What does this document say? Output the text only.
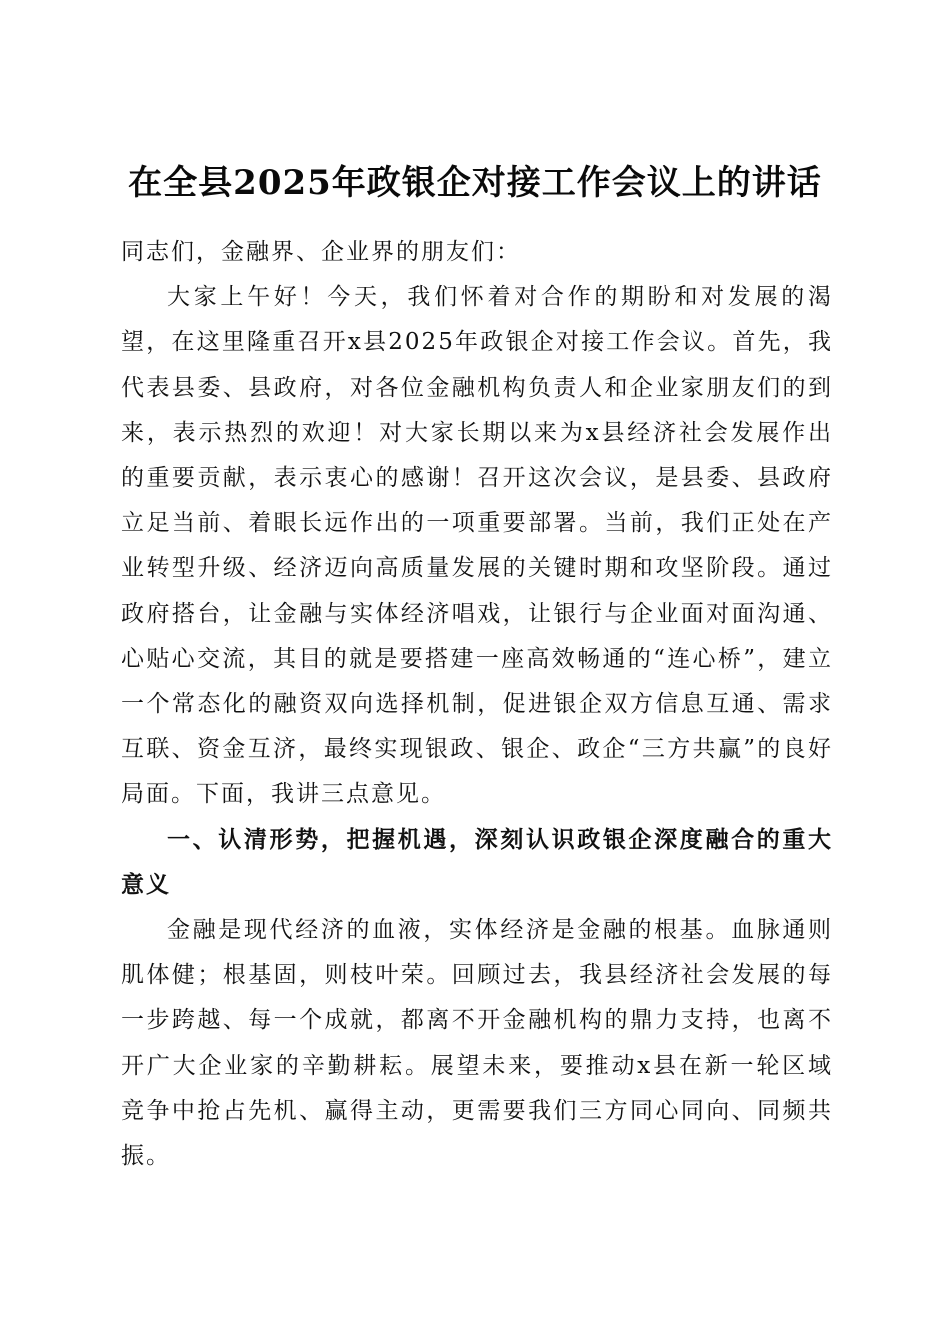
在全县2025年政银企对接工作会议上的讲话

同志们，金融界、企业界的朋友们：

大家上午好！今天，我们怀着对合作的期盼和对发展的渴望，在这里隆重召开x县2025年政银企对接工作会议。首先，我代表县委、县政府，对各位金融机构负责人和企业家朋友们的到来，表示热烈的欢迎！对大家长期以来为x县经济社会发展作出的重要贡献，表示衷心的感谢！召开这次会议，是县委、县政府立足当前、着眼长远作出的一项重要部署。当前，我们正处在产业转型升级、经济迈向高质量发展的关键时期和攻坚阶段。通过政府搭台，让金融与实体经济唱戏，让银行与企业面对面沟通、心贴心交流，其目的就是要搭建一座高效畅通的“连心桥”，建立一个常态化的融资双向选择机制，促进银企双方信息互通、需求互联、资金互济，最终实现银政、银企、政企“三方共赢”的良好局面。下面，我讲三点意见。

一、认清形势，把握机遇，深刻认识政银企深度融合的重大意义

金融是现代经济的血液，实体经济是金融的根基。血脉通则肌体健；根基固，则枝叶荣。回顾过去，我县经济社会发展的每一步跨越、每一个成就，都离不开金融机构的鼎力支持，也离不开广大企业家的辛勤耕耘。展望未来，要推动x县在新一轮区域竞争中抢占先机、赢得主动，更需要我们三方同心同向、同频共振。
